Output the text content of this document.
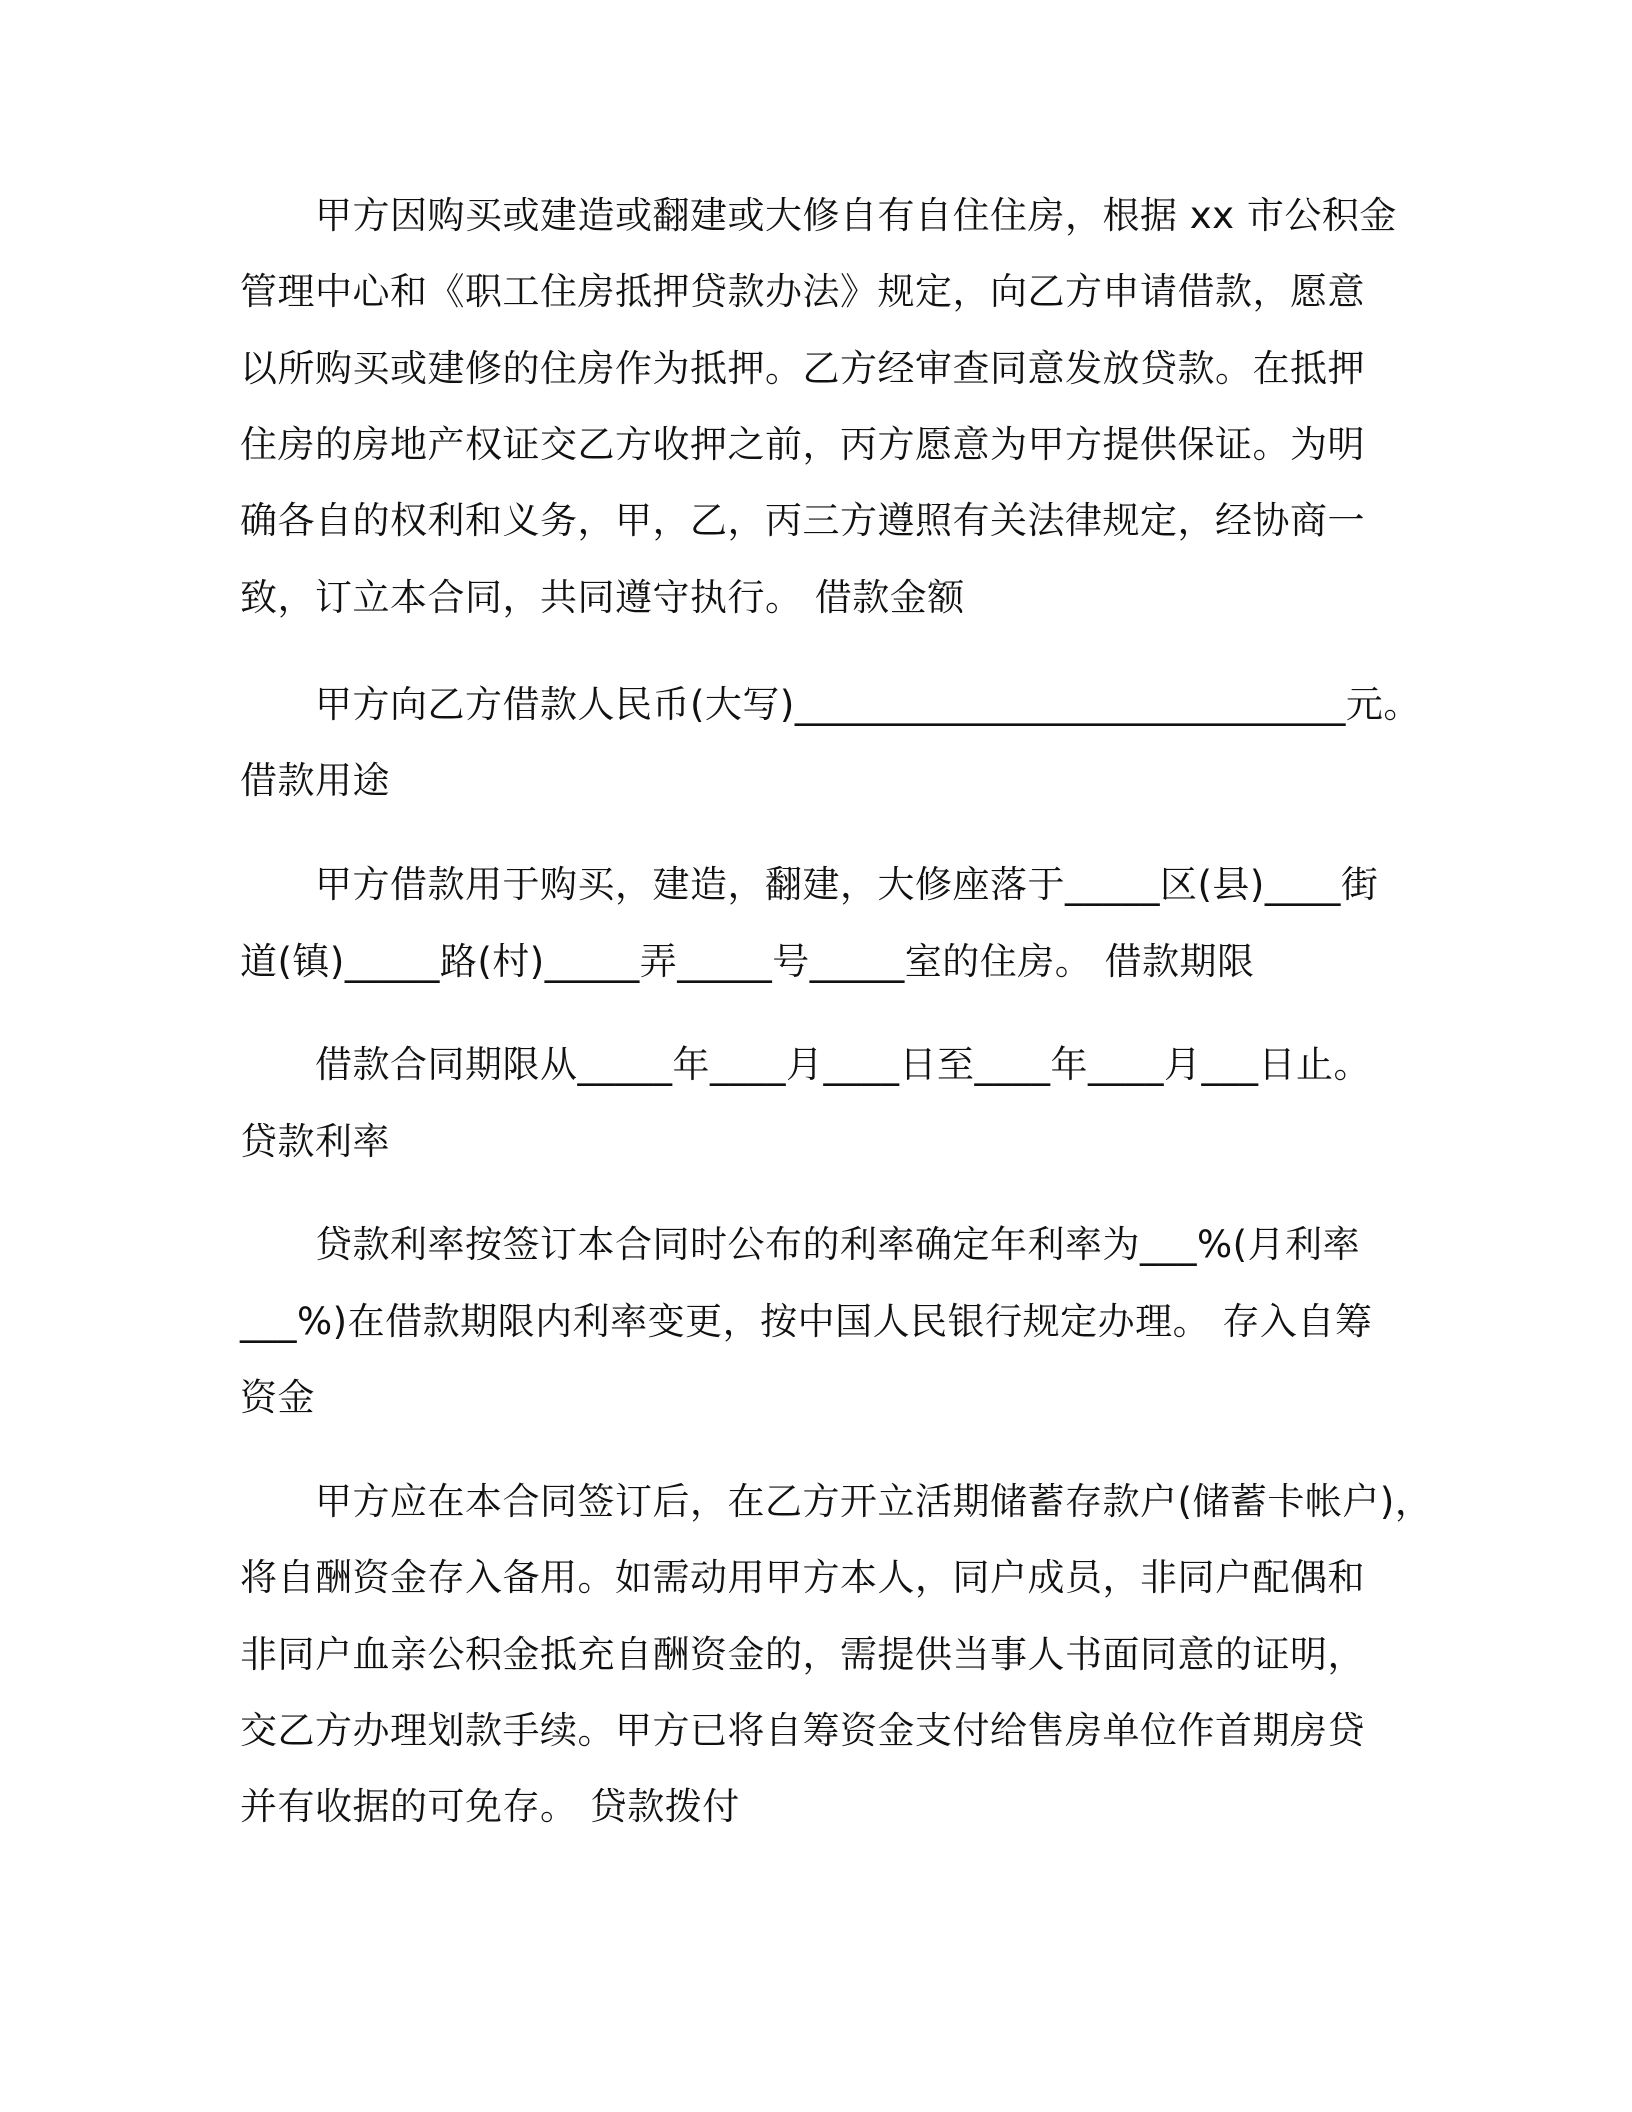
甲方因购买或建造或翻建或大修自有自住住房，根据 xx 市公积金
管理中心和《职工住房抵押贷款办法》规定，向乙方申请借款，愿意
以所购买或建修的住房作为抵押。乙方经审查同意发放贷款。在抵押
住房的房地产权证交乙方收押之前，丙方愿意为甲方提供保证。为明
确各自的权利和义务，甲，乙，丙三方遵照有关法律规定，经协商一
致，订立本合同，共同遵守执行。 借款金额
甲方向乙方借款人民币(大写)_____________________________元。
借款用途
甲方借款用于购买，建造，翻建，大修座落于_____区(县)____街
道(镇)_____路(村)_____弄_____号_____室的住房。 借款期限
借款合同期限从_____年____月____日至____年____月___日止。
贷款利率
贷款利率按签订本合同时公布的利率确定年利率为___%(月利率
___%)在借款期限内利率变更，按中国人民银行规定办理。 存入自筹
资金
甲方应在本合同签订后，在乙方开立活期储蓄存款户(储蓄卡帐户)，
将自酬资金存入备用。如需动用甲方本人，同户成员，非同户配偶和
非同户血亲公积金抵充自酬资金的，需提供当事人书面同意的证明，
交乙方办理划款手续。甲方已将自筹资金支付给售房单位作首期房贷
并有收据的可免存。 贷款拨付
